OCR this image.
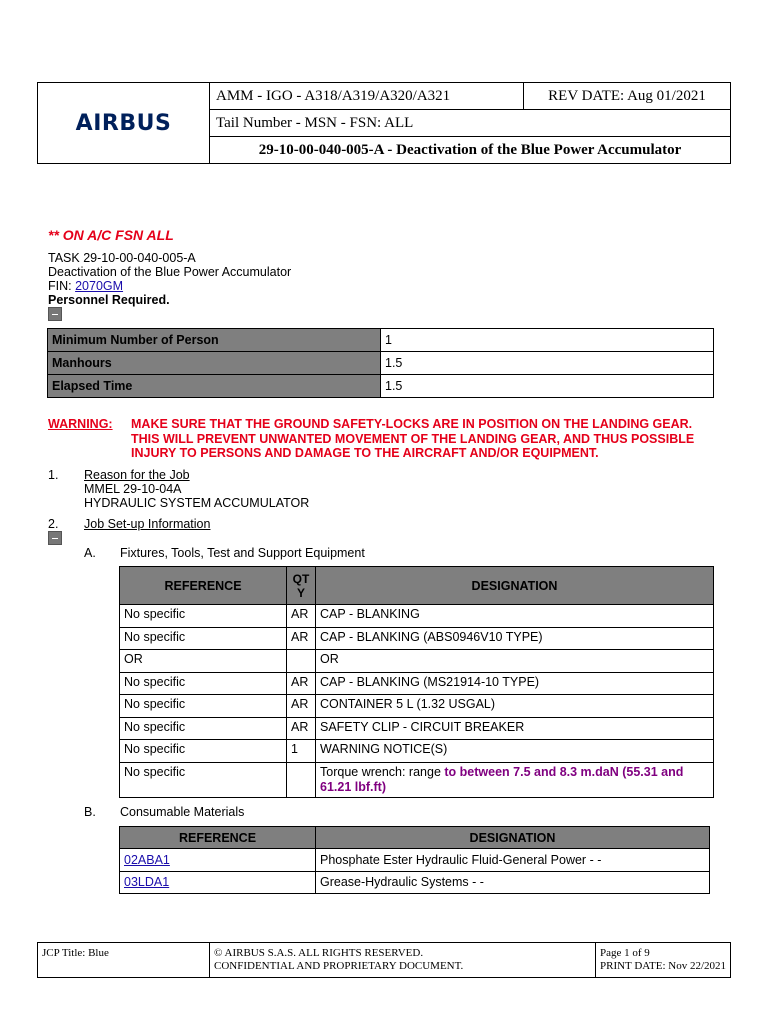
AIRBUS
AMM - IGO - A318/A319/A320/A321	REV DATE: Aug 01/2021
Tail Number - MSN - FSN: ALL
29-10-00-040-005-A - Deactivation of the Blue Power Accumulator
** ON A/C FSN ALL
TASK 29-10-00-040-005-A
Deactivation of the Blue Power Accumulator
FIN: 2070GM
Personnel Required.
Minimum Number of Person	1
Manhours	1.5
Elapsed Time	1.5
WARNING: MAKE SURE THAT THE GROUND SAFETY-LOCKS ARE IN POSITION ON THE LANDING GEAR. THIS WILL PREVENT UNWANTED MOVEMENT OF THE LANDING GEAR, AND THUS POSSIBLE INJURY TO PERSONS AND DAMAGE TO THE AIRCRAFT AND/OR EQUIPMENT.
1. Reason for the Job
MMEL 29-10-04A
HYDRAULIC SYSTEM ACCUMULATOR
2. Job Set-up Information
A. Fixtures, Tools, Test and Support Equipment
REFERENCE	QTY	DESIGNATION
No specific	AR	CAP - BLANKING
No specific	AR	CAP - BLANKING (ABS0946V10 TYPE)
OR		OR
No specific	AR	CAP - BLANKING (MS21914-10 TYPE)
No specific	AR	CONTAINER 5 L (1.32 USGAL)
No specific	AR	SAFETY CLIP - CIRCUIT BREAKER
No specific	1	WARNING NOTICE(S)
No specific		Torque wrench: range to between 7.5 and 8.3 m.daN (55.31 and 61.21 lbf.ft)
B. Consumable Materials
REFERENCE	DESIGNATION
02ABA1	Phosphate Ester Hydraulic Fluid-General Power - -
03LDA1	Grease-Hydraulic Systems - -
JCP Title: Blue	© AIRBUS S.A.S. ALL RIGHTS RESERVED.
CONFIDENTIAL AND PROPRIETARY DOCUMENT.
Page 1 of 9
PRINT DATE: Nov 22/2021
